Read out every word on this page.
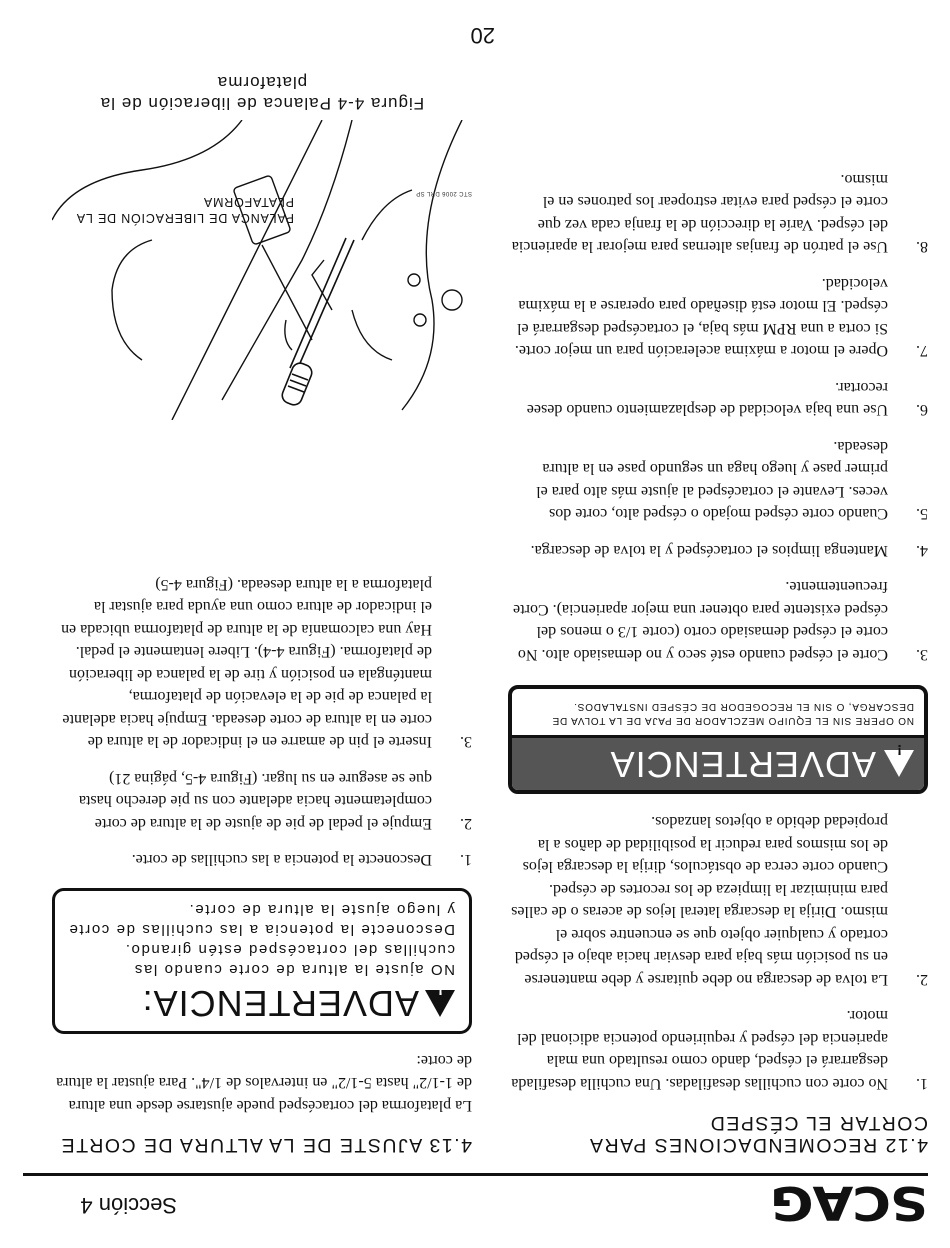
SCAG
Sección 4
4.12 RECOMENDACIONES PARA CORTAR EL CÉSPED
1.

No corte con cuchillas desafiladas. Una cuchilla desafilada desgarrará el césped, dando como resultado una mala apariencia del césped y requiriendo potencia adicional del motor.

2.

La tolva de descarga no debe quitarse y debe mantenerse en su posición más baja para desviar hacia abajo el césped cortado y cualquier objeto que se encuentre sobre el mismo. Dirija la descarga lateral lejos de aceras o de calles para minimizar la limpieza de los recortes de césped. Cuando corte cerca de obstáculos, dirija la descarga lejos de los mismos para reducir la posibilidad de daños a la propiedad debido a objetos lanzados.

!
ADVERTENCIA
NO OPERE SIN EL EQUIPO MEZCLADOR DE PAJA DE LA TOLVA DE DESCARGA, O SIN EL RECOGEDOR DE CÉSPED INSTALADOS.
3.

Corte el césped cuando esté seco y no demasiado alto. No corte el césped demasiado corto (corte 1/3 o menos del césped existente para obtener una mejor apariencia). Corte frecuentemente.

4.

Mantenga limpios el cortacésped y la tolva de descarga.

5.

Cuando corte césped mojado o césped alto, corte dos veces. Levante el cortacésped al ajuste más alto para el primer pase y luego haga un segundo pase en la altura deseada.

6.

Use una baja velocidad de desplazamiento cuando desee recortar.

7.

Opere el motor a máxima aceleración para un mejor corte. Si corta a una RPM más baja, el cortacésped desgarrará el césped. El motor está diseñado para operarse a la máxima velocidad.

8.

Use el patrón de franjas alternas para mejorar la apariencia del césped. Varíe la dirección de la franja cada vez que corte el césped para evitar estropear los patrones en el mismo.

4.13 AJUSTE DE LA ALTURA DE CORTE

La plataforma del cortacésped puede ajustarse desde una altura de 1-1/2" hasta 5-1/2" en intervalos de 1/4". Para ajustar la altura de corte:

!
ADVERTENCIA:
NO ajuste la altura de corte cuando las cuchillas del cortacésped estén girando. Desconecte la potencia a las cuchillas de corte y luego ajuste la altura de corte.
1.

Desconecte la potencia a las cuchillas de corte.

2.

Empuje el pedal de pie de ajuste de la altura de corte completamente hacia adelante con su pie derecho hasta que se asegure en su lugar. (Figura 4-5, página 21)

3.

Inserte el pin de amarre en el indicador de la altura de corte en la altura de corte deseada. Empuje hacia adelante la palanca de pie de la elevación de plataforma, manténgala en posición y tire de la palanca de liberación de plataforma. (Figura 4-4). Libere lentamente el pedal. Hay una calcomanía de la altura de plataforma ubicada en el indicador de altura como una ayuda para ajustar la plataforma a la altura deseada. (Figura 4-5)

PALANCA DE LIBERACIÓN DE LA PLATAFORMA
STC 2006 DRL SP
Figura 4-4 Palanca de liberación de la plataforma
20
